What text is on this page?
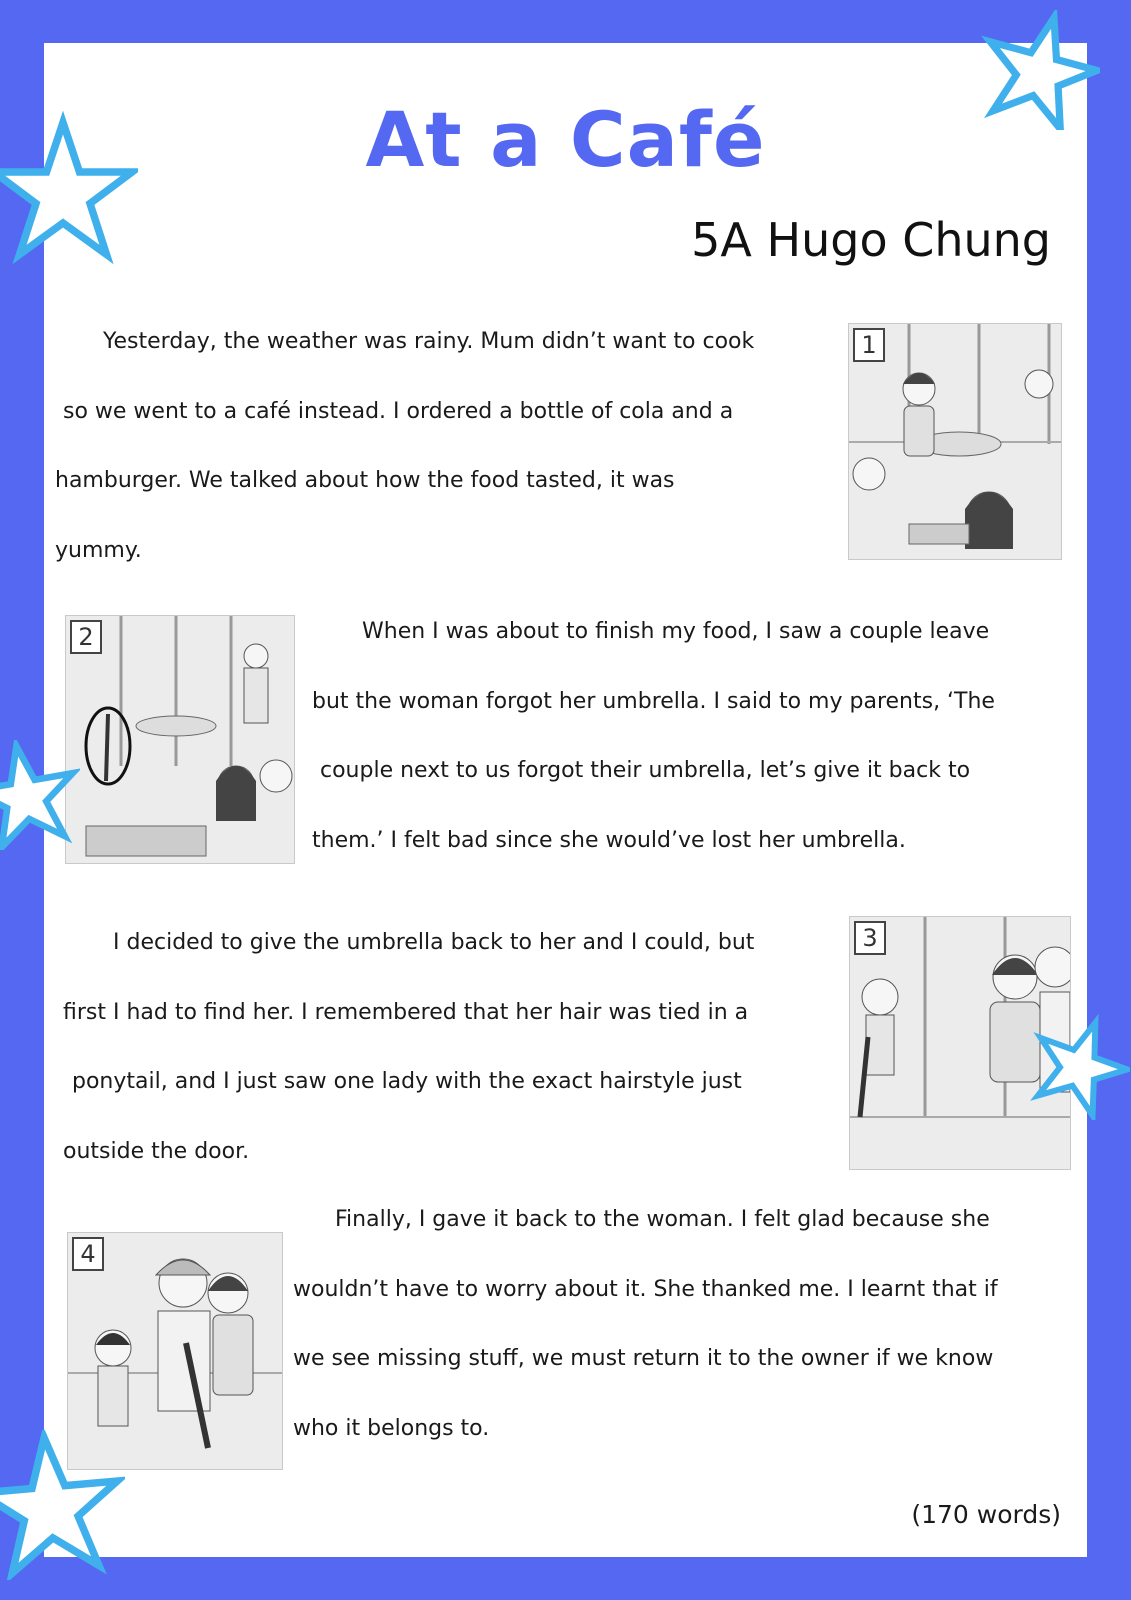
At a Café
5A Hugo Chung
Yesterday, the weather was rainy. Mum didn’t want to cook
so we went to a café instead. I ordered a bottle of cola and a
hamburger. We talked about how the food tasted, it was
yummy.
1
2	When I was about to finish my food, I saw a couple leave
but the woman forgot her umbrella. I said to my parents, ‘The
couple next to us forgot their umbrella, let’s give it back to
them.’ I felt bad since she would’ve lost her umbrella.
I decided to give the umbrella back to her and I could, but
first I had to find her. I remembered that her hair was tied in a
ponytail, and I just saw one lady with the exact hairstyle just
outside the door.
3
4
Finally, I gave it back to the woman. I felt glad because she
wouldn’t have to worry about it. She thanked me. I learnt that if
we see missing stuff, we must return it to the owner if we know
who it belongs to.
(170 words)
